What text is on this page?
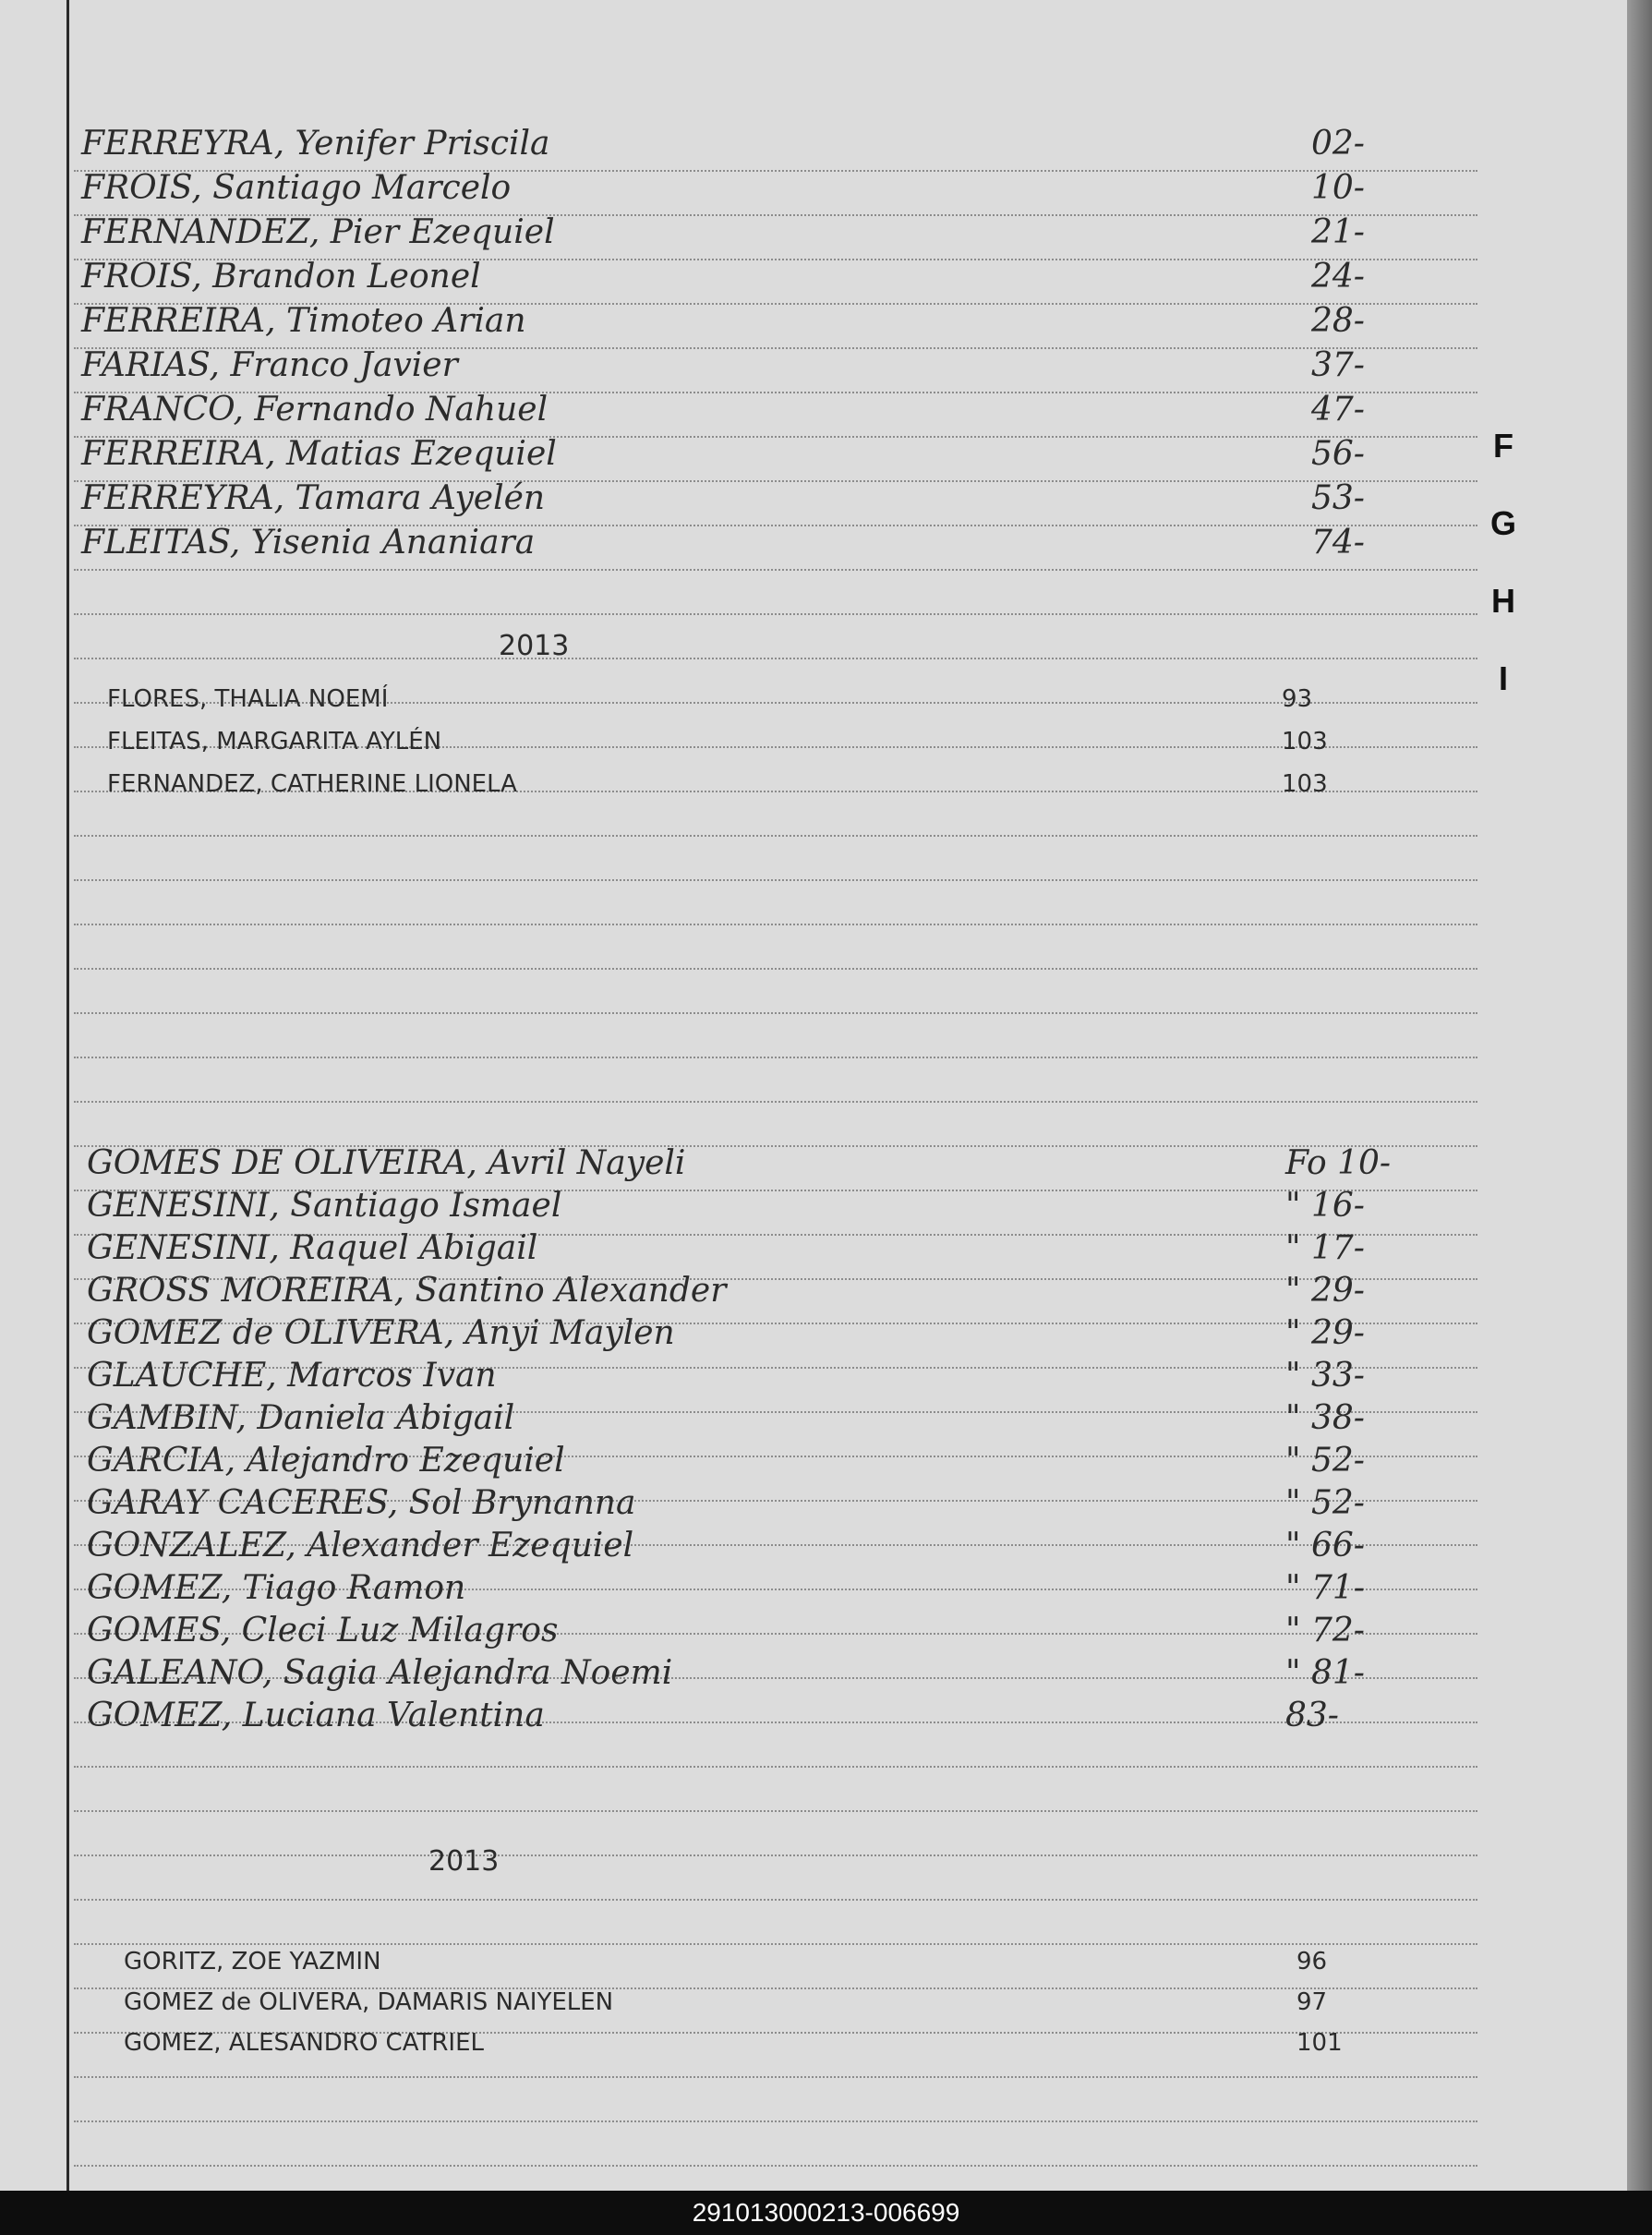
F
G
H
I
2013
2013
FERREYRA, Yenifer Priscila	02-
FROIS, Santiago Marcelo	10-
FERNANDEZ, Pier Ezequiel	21-
FROIS, Brandon Leonel	24-
FERREIRA, Timoteo Arian	28-
FARIAS, Franco Javier	37-
FRANCO, Fernando Nahuel	47-
FERREIRA, Matias Ezequiel	56-
FERREYRA, Tamara Ayelén	53-
FLEITAS, Yisenia Ananiara	74-
FLORES, THALIA NOEMÍ	93
FLEITAS, MARGARITA AYLÉN	103
FERNANDEZ, CATHERINE LIONELA	103
GOMES DE OLIVEIRA, Avril Nayeli	Fo 10-
GENESINI, Santiago Ismael	" 16-
GENESINI, Raquel Abigail	" 17-
GROSS MOREIRA, Santino Alexander	" 29-
GOMEZ de OLIVERA, Anyi Maylen	" 29-
GLAUCHE, Marcos Ivan	" 33-
GAMBIN, Daniela Abigail	" 38-
GARCIA, Alejandro Ezequiel	" 52-
GARAY CACERES, Sol Brynanna	" 52-
GONZALEZ, Alexander Ezequiel	" 66-
GOMEZ, Tiago Ramon	" 71-
GOMES, Cleci Luz Milagros	" 72-
GALEANO, Sagia Alejandra Noemi	" 81-
GOMEZ, Luciana Valentina	83-
GORITZ, ZOE YAZMIN	96
GOMEZ de OLIVERA, DAMARIS NAIYELEN	97
GOMEZ, ALESANDRO CATRIEL	101
291013000213-006699
